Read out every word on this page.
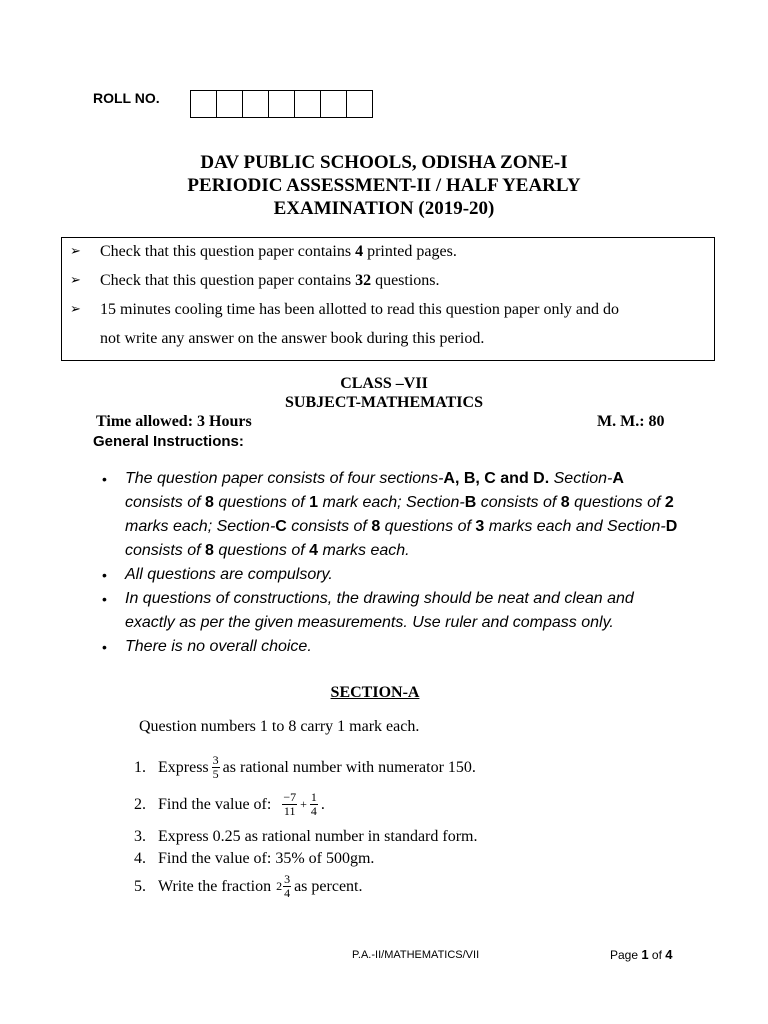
ROLL NO.
DAV PUBLIC SCHOOLS, ODISHA ZONE-I
PERIODIC ASSESSMENT-II / HALF YEARLY
EXAMINATION (2019-20)
➢ Check that this question paper contains 4 printed pages.
➢ Check that this question paper contains 32 questions.
➢ 15 minutes cooling time has been allotted to read this question paper only and do
not write any answer on the answer book during this period.
CLASS –VII
SUBJECT-MATHEMATICS
Time allowed: 3 Hours	M. M.: 80
General Instructions:
• The question paper consists of four sections-A, B, C and D. Section-A consists of 8 questions of 1 mark each; Section-B consists of 8 questions of 2 marks each; Section-C consists of 8 questions of 3 marks each and Section-D consists of 8 questions of 4 marks each.
• All questions are compulsory.
• In questions of constructions, the drawing should be neat and clean and exactly as per the given measurements. Use ruler and compass only.
• There is no overall choice.
SECTION-A
Question numbers 1 to 8 carry 1 mark each.
1. Express $\frac{3}{5}$ as rational number with numerator 150.
2. Find the value of: $\frac{-7}{11} + \frac{1}{4}$ .
3. Express 0.25 as rational number in standard form.
4. Find the value of: 35% of 500gm.
5. Write the fraction $2 \frac{3}{4}$ as percent.
P.A.-II/MATHEMATICS/VII	Page 1 of 4
